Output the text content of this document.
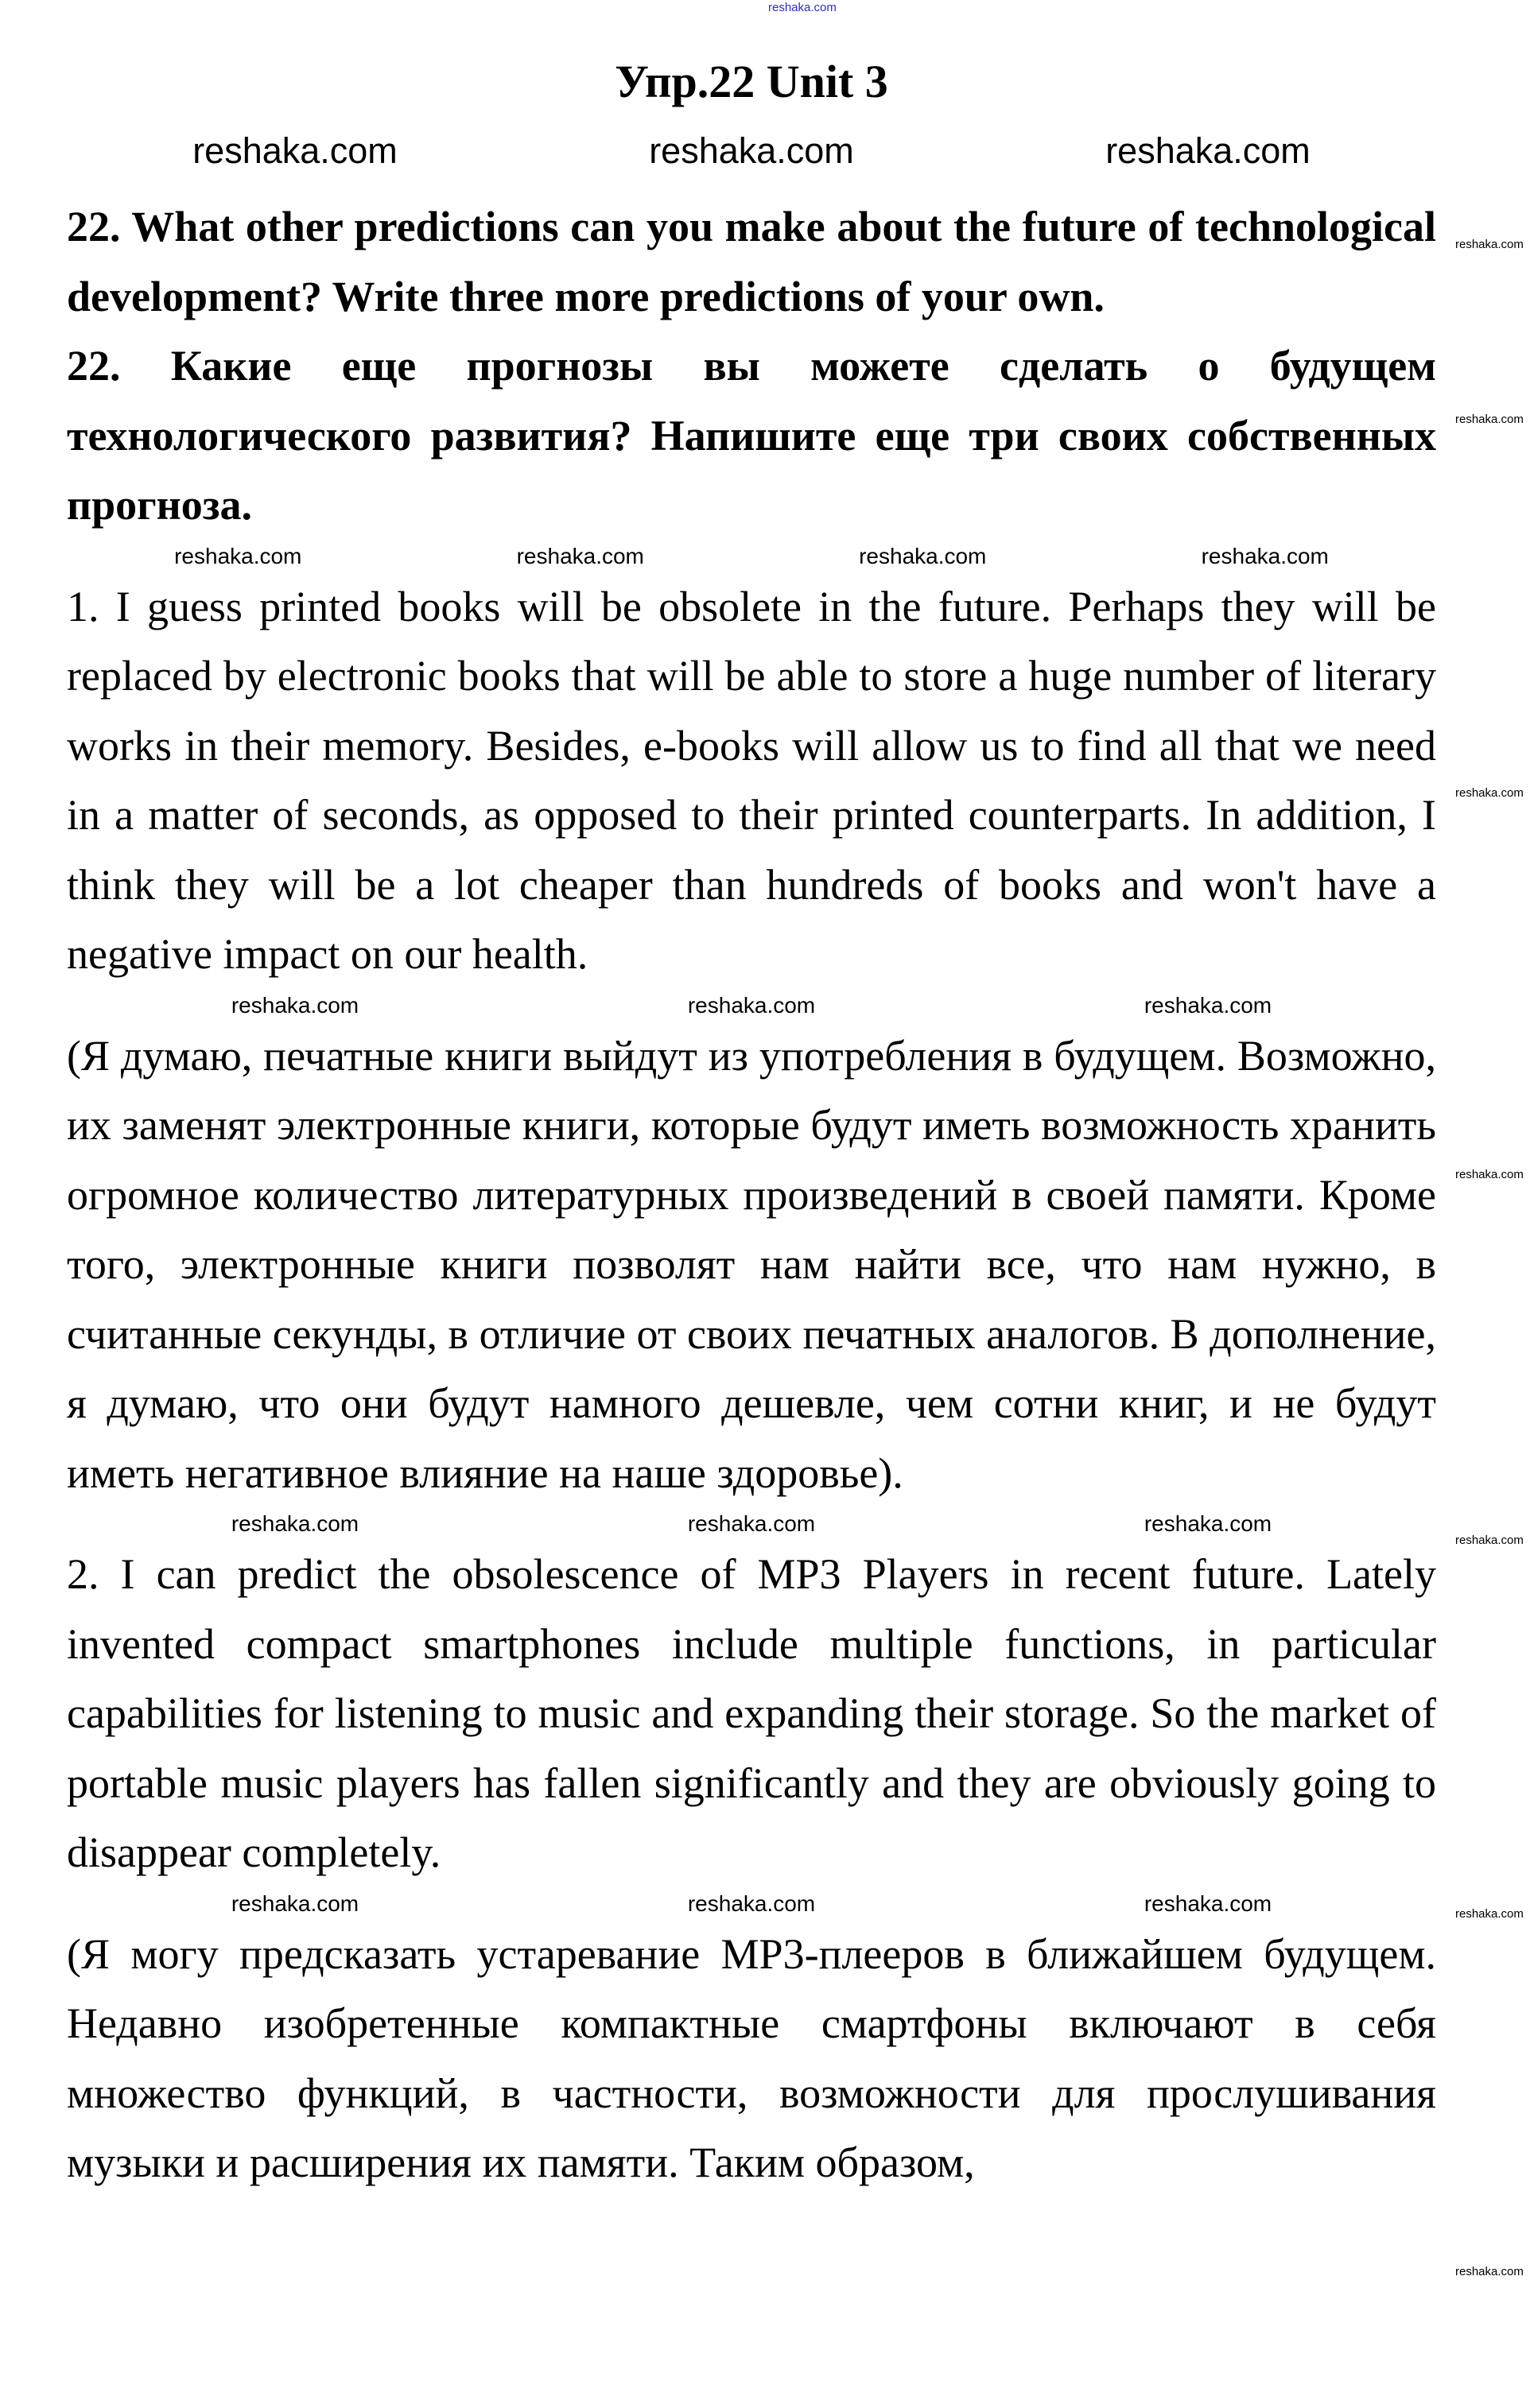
reshaka.com
Упр.22 Unit 3
reshaka.com	reshaka.com	reshaka.com

22. What other predictions can you make about the future of technological development? Write three more predictions of your own.

22. Какие еще прогнозы вы можете сделать о будущем технологического развития? Напишите еще три своих собственных прогноза.

reshaka.com	reshaka.com	reshaka.com	reshaka.com

1. I guess printed books will be obsolete in the future. Perhaps they will be replaced by electronic books that will be able to store a huge number of literary works in their memory. Besides, e-books will allow us to find all that we need in a matter of seconds, as opposed to their printed counterparts. In addition, I think they will be a lot cheaper than hundreds of books and won't have a negative impact on our health.

reshaka.com	reshaka.com	reshaka.com

(Я думаю, печатные книги выйдут из употребления в будущем. Возможно, их заменят электронные книги, которые будут иметь возможность хранить огромное количество литературных произведений в своей памяти. Кроме того, электронные книги позволят нам найти все, что нам нужно, в считанные секунды, в отличие от своих печатных аналогов. В дополнение, я думаю, что они будут намного дешевле, чем сотни книг, и не будут иметь негативное влияние на наше здоровье).

reshaka.com	reshaka.com	reshaka.com

2. I can predict the obsolescence of MP3 Players in recent future. Lately invented compact smartphones include multiple functions, in particular capabilities for listening to music and expanding their storage. So the market of portable music players has fallen significantly and they are obviously going to disappear completely.

reshaka.com	reshaka.com	reshaka.com

(Я могу предсказать устаревание MP3-плееров в ближайшем будущем. Недавно изобретенные компактные смартфоны включают в себя множество функций, в частности, возможности для прослушивания музыки и расширения их памяти. Таким образом,

reshaka.com
reshaka.com
reshaka.com
reshaka.com
reshaka.com
reshaka.com
reshaka.com
